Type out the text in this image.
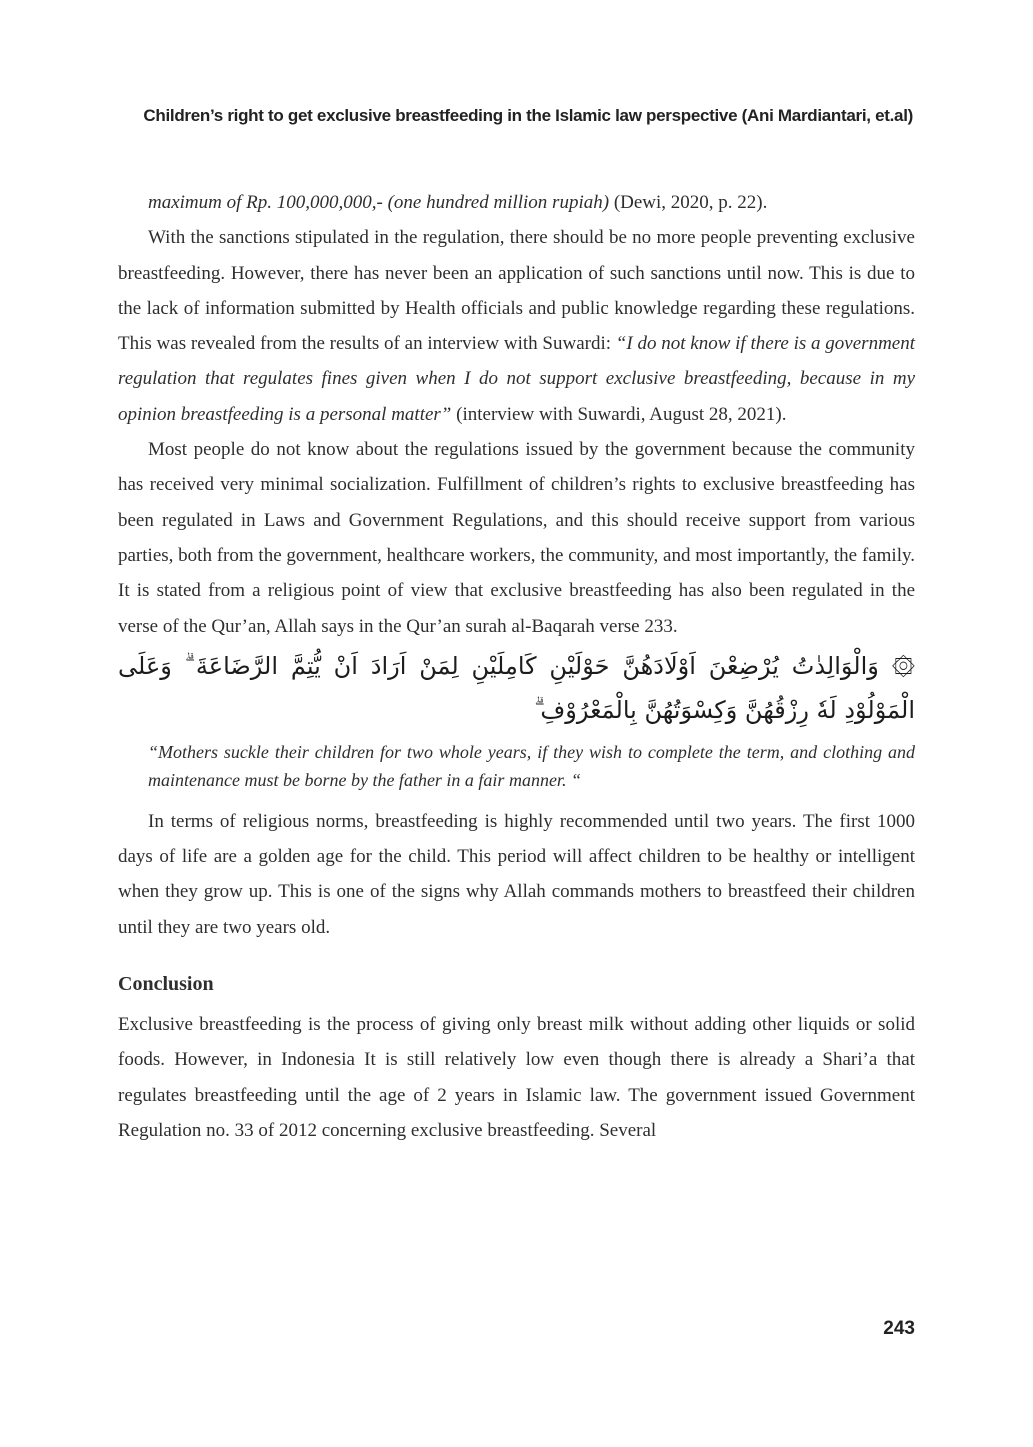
Children’s right to get exclusive breastfeeding in the Islamic law perspective (Ani Mardiantari, et.al)

maximum of Rp. 100,000,000,- (one hundred million rupiah) (Dewi, 2020, p. 22).

With the sanctions stipulated in the regulation, there should be no more people preventing exclusive breastfeeding. However, there has never been an application of such sanctions until now. This is due to the lack of information submitted by Health officials and public knowledge regarding these regulations. This was revealed from the results of an interview with Suwardi: “I do not know if there is a government regulation that regulates fines given when I do not support exclusive breastfeeding, because in my opinion breastfeeding is a personal matter” (interview with Suwardi, August 28, 2021).

Most people do not know about the regulations issued by the government because the community has received very minimal socialization. Fulfillment of children’s rights to exclusive breastfeeding has been regulated in Laws and Government Regulations, and this should receive support from various parties, both from the government, healthcare workers, the community, and most importantly, the family. It is stated from a religious point of view that exclusive breastfeeding has also been regulated in the verse of the Qur’an, Allah says in the Qur’an surah al-Baqarah verse 233.

۞ وَالْوَالِدٰتُ يُرْضِعْنَ اَوْلَادَهُنَّ حَوْلَيْنِ كَامِلَيْنِ لِمَنْ اَرَادَ اَنْ يُّتِمَّ الرَّضَاعَةَ ۗ وَعَلَى الْمَوْلُوْدِ لَهٗ رِزْقُهُنَّ وَكِسْوَتُهُنَّ بِالْمَعْرُوْفِ ۗ

“Mothers suckle their children for two whole years, if they wish to complete the term, and clothing and maintenance must be borne by the father in a fair manner. “

In terms of religious norms, breastfeeding is highly recommended until two years. The first 1000 days of life are a golden age for the child. This period will affect children to be healthy or intelligent when they grow up. This is one of the signs why Allah commands mothers to breastfeed their children until they are two years old.

Conclusion

Exclusive breastfeeding is the process of giving only breast milk without adding other liquids or solid foods. However, in Indonesia It is still relatively low even though there is already a Shari’a that regulates breastfeeding until the age of 2 years in Islamic law. The government issued Government Regulation no. 33 of 2012 concerning exclusive breastfeeding. Several

243
